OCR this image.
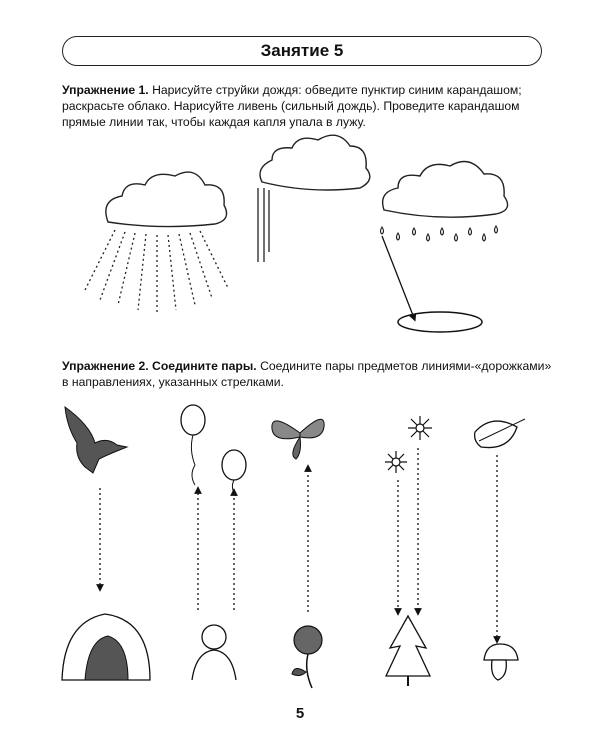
Занятие 5
Упражнение 1. Нарисуйте струйки дождя: обведите пунктир синим карандашом; раскрасьте облако. Нарисуйте ливень (сильный дождь). Проведите карандашом прямые линии так, чтобы каждая капля упала в лужу.
Упражнение 2. Соедините пары. Соедините пары предметов линиями-«дорожками» в направлениях, указанных стрелками.
5
